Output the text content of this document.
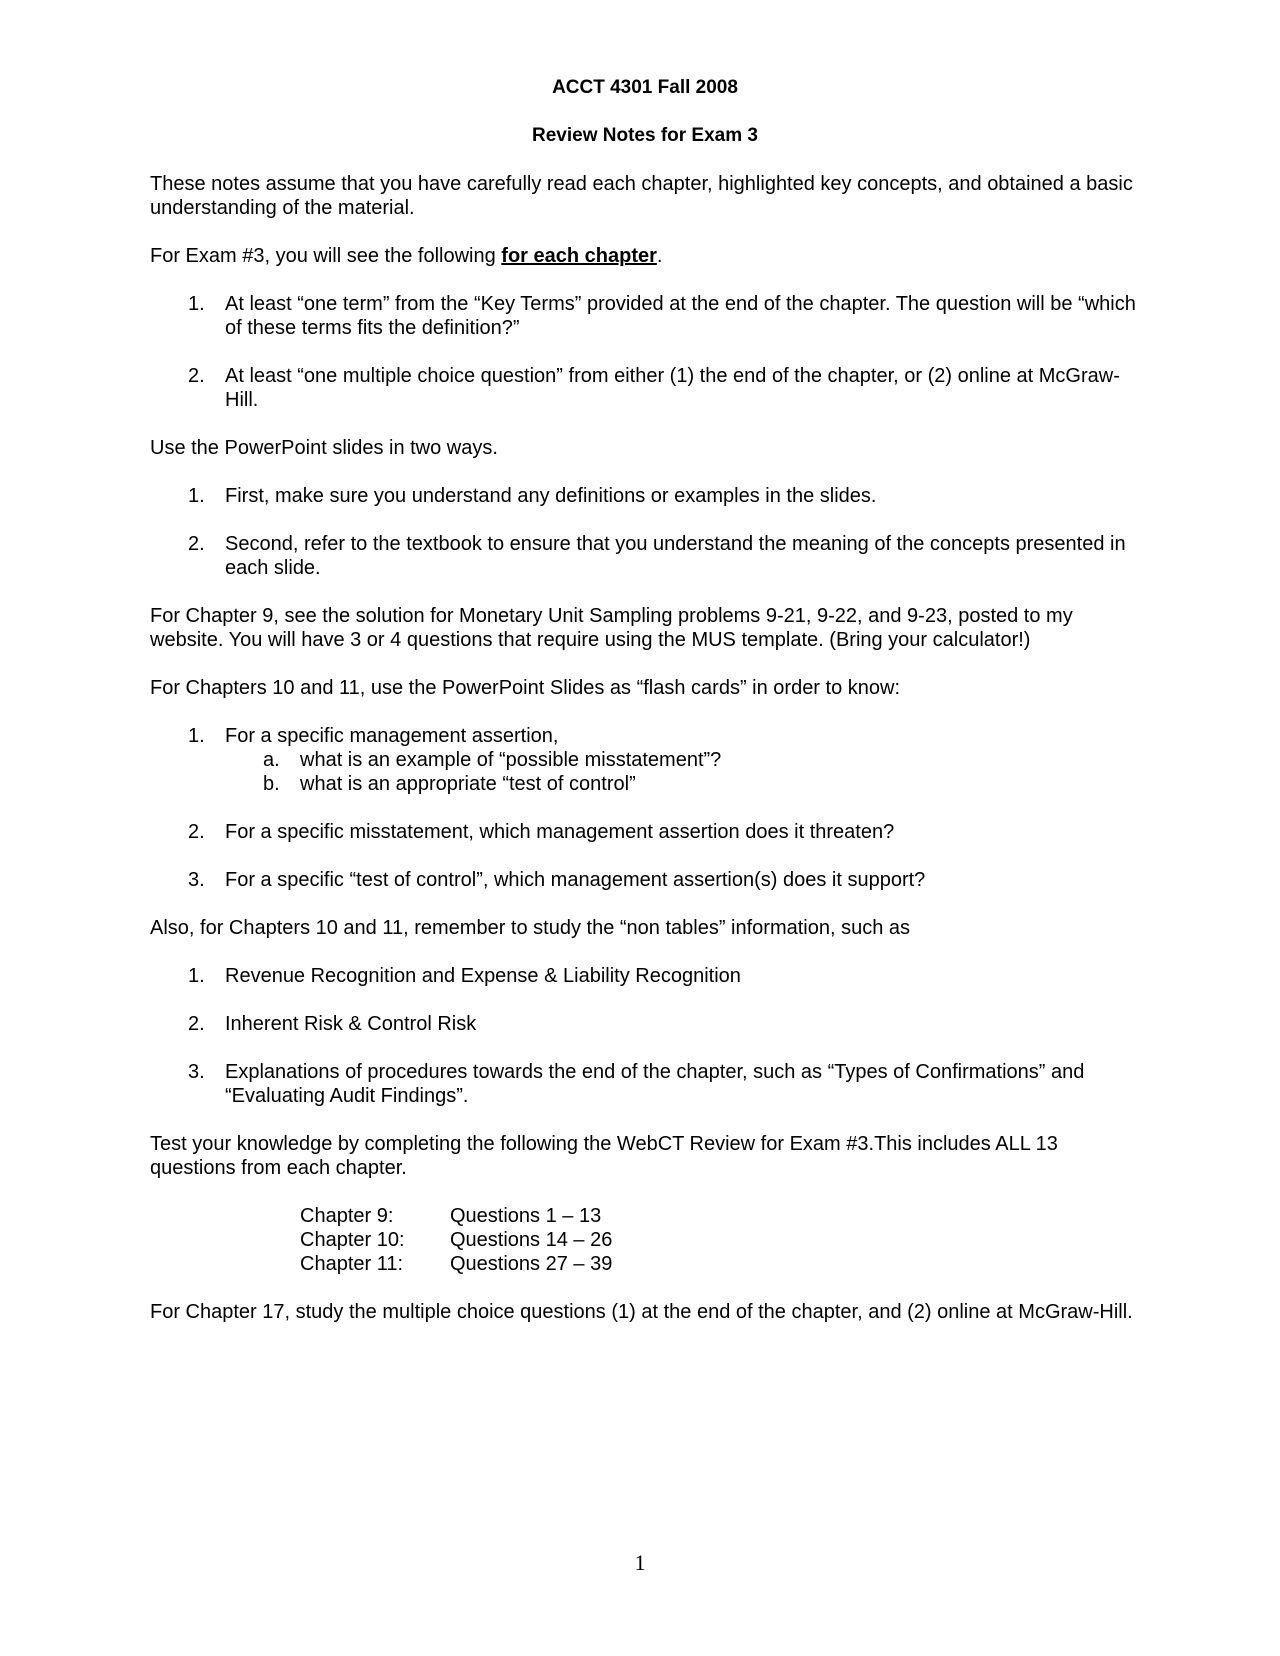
ACCT 4301 Fall 2008
Review Notes for Exam 3

These notes assume that you have carefully read each chapter, highlighted key concepts, and obtained a basic understanding of the material.

For Exam #3, you will see the following for each chapter.

1. At least “one term” from the “Key Terms” provided at the end of the chapter. The question will be “which of these terms fits the definition?”
2. At least “one multiple choice question” from either (1) the end of the chapter, or (2) online at McGraw-Hill.

Use the PowerPoint slides in two ways.

1. First, make sure you understand any definitions or examples in the slides.
2. Second, refer to the textbook to ensure that you understand the meaning of the concepts presented in each slide.

For Chapter 9, see the solution for Monetary Unit Sampling problems 9-21, 9-22, and 9-23, posted to my website. You will have 3 or 4 questions that require using the MUS template. (Bring your calculator!)

For Chapters 10 and 11, use the PowerPoint Slides as “flash cards” in order to know:

1. For a specific management assertion,
a. what is an example of “possible misstatement”?
b. what is an appropriate “test of control”
2. For a specific misstatement, which management assertion does it threaten?
3. For a specific “test of control”, which management assertion(s) does it support?

Also, for Chapters 10 and 11, remember to study the “non tables” information, such as

1. Revenue Recognition and Expense & Liability Recognition
2. Inherent Risk & Control Risk
3. Explanations of procedures towards the end of the chapter, such as “Types of Confirmations” and “Evaluating Audit Findings”.

Test your knowledge by completing the following the WebCT Review for Exam #3.This includes ALL 13 questions from each chapter.

Chapter 9:	Questions 1 – 13
Chapter 10:	Questions 14 – 26
Chapter 11:	Questions 27 – 39

For Chapter 17, study the multiple choice questions (1) at the end of the chapter, and (2) online at McGraw-Hill.

1
